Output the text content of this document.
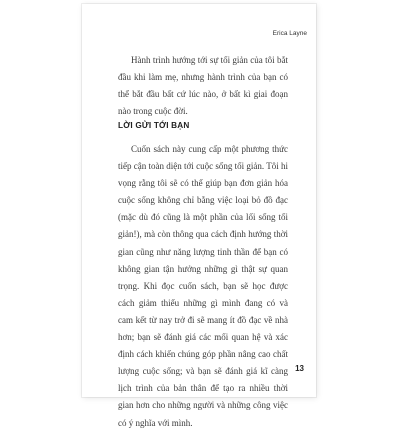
Erica Layne

Hành trình hướng tới sự tối giản của tôi bắt đầu khi làm mẹ, nhưng hành trình của bạn có thể bắt đầu bất cứ lúc nào, ở bất kì giai đoạn nào trong cuộc đời.

LỜI GỬI TỚI BẠN

Cuốn sách này cung cấp một phương thức tiếp cận toàn diện tới cuộc sống tối giản. Tôi hi vọng rằng tôi sẽ có thể giúp bạn đơn giản hóa cuộc sống không chỉ bằng việc loại bỏ đồ đạc (mặc dù đó cũng là một phần của lối sống tối giản!), mà còn thông qua cách định hướng thời gian cũng như năng lượng tinh thần để bạn có không gian tận hưởng những gì thật sự quan trọng. Khi đọc cuốn sách, bạn sẽ học được cách giảm thiểu những gì mình đang có và cam kết từ nay trở đi sẽ mang ít đồ đạc về nhà hơn; bạn sẽ đánh giá các mối quan hệ và xác định cách khiến chúng góp phần nâng cao chất lượng cuộc sống; và bạn sẽ đánh giá kĩ càng lịch trình của bản thân để tạo ra nhiều thời gian hơn cho những người và những công việc có ý nghĩa với mình.

13
